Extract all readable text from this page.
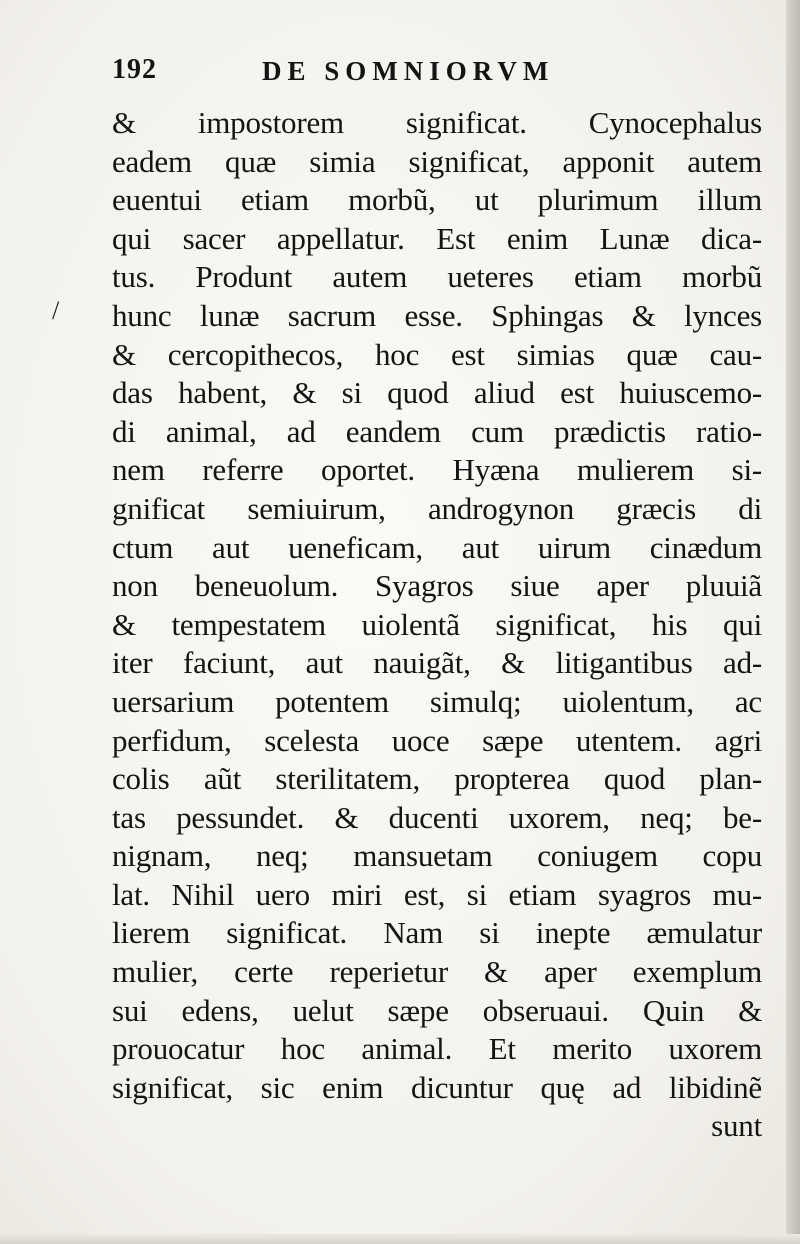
192	DE SOMNIORVM
/
& impostorem significat. Cynocephalus
eadem quæ simia significat, apponit autem
euentui etiam morbũ, ut plurimum illum
qui sacer appellatur. Est enim Lunæ dica-
tus. Produnt autem ueteres etiam morbũ
hunc lunæ sacrum esse. Sphingas & lynces
& cercopithecos, hoc est simias quæ cau-
das habent, & si quod aliud est huiuscemo-
di animal, ad eandem cum prædictis ratio-
nem referre oportet. Hyæna mulierem si-
gnificat semiuirum, androgynon græcis di
ctum aut ueneficam, aut uirum cinædum
non beneuolum. Syagros siue aper pluuiã
& tempestatem uiolentã significat, his qui
iter faciunt, aut nauigãt, & litigantibus ad-
uersarium potentem simulq; uiolentum, ac
perfidum, scelesta uoce sæpe utentem. agri
colis aũt sterilitatem, propterea quod plan-
tas pessundet. & ducenti uxorem, neq; be-
nignam, neq; mansuetam coniugem copu
lat. Nihil uero miri est, si etiam syagros mu-
lierem significat. Nam si inepte æmulatur
mulier, certe reperietur & aper exemplum
sui edens, uelut sæpe obseruaui. Quin &
prouocatur hoc animal. Et merito uxorem
significat, sic enim dicuntur quę ad libidinẽ
sunt
